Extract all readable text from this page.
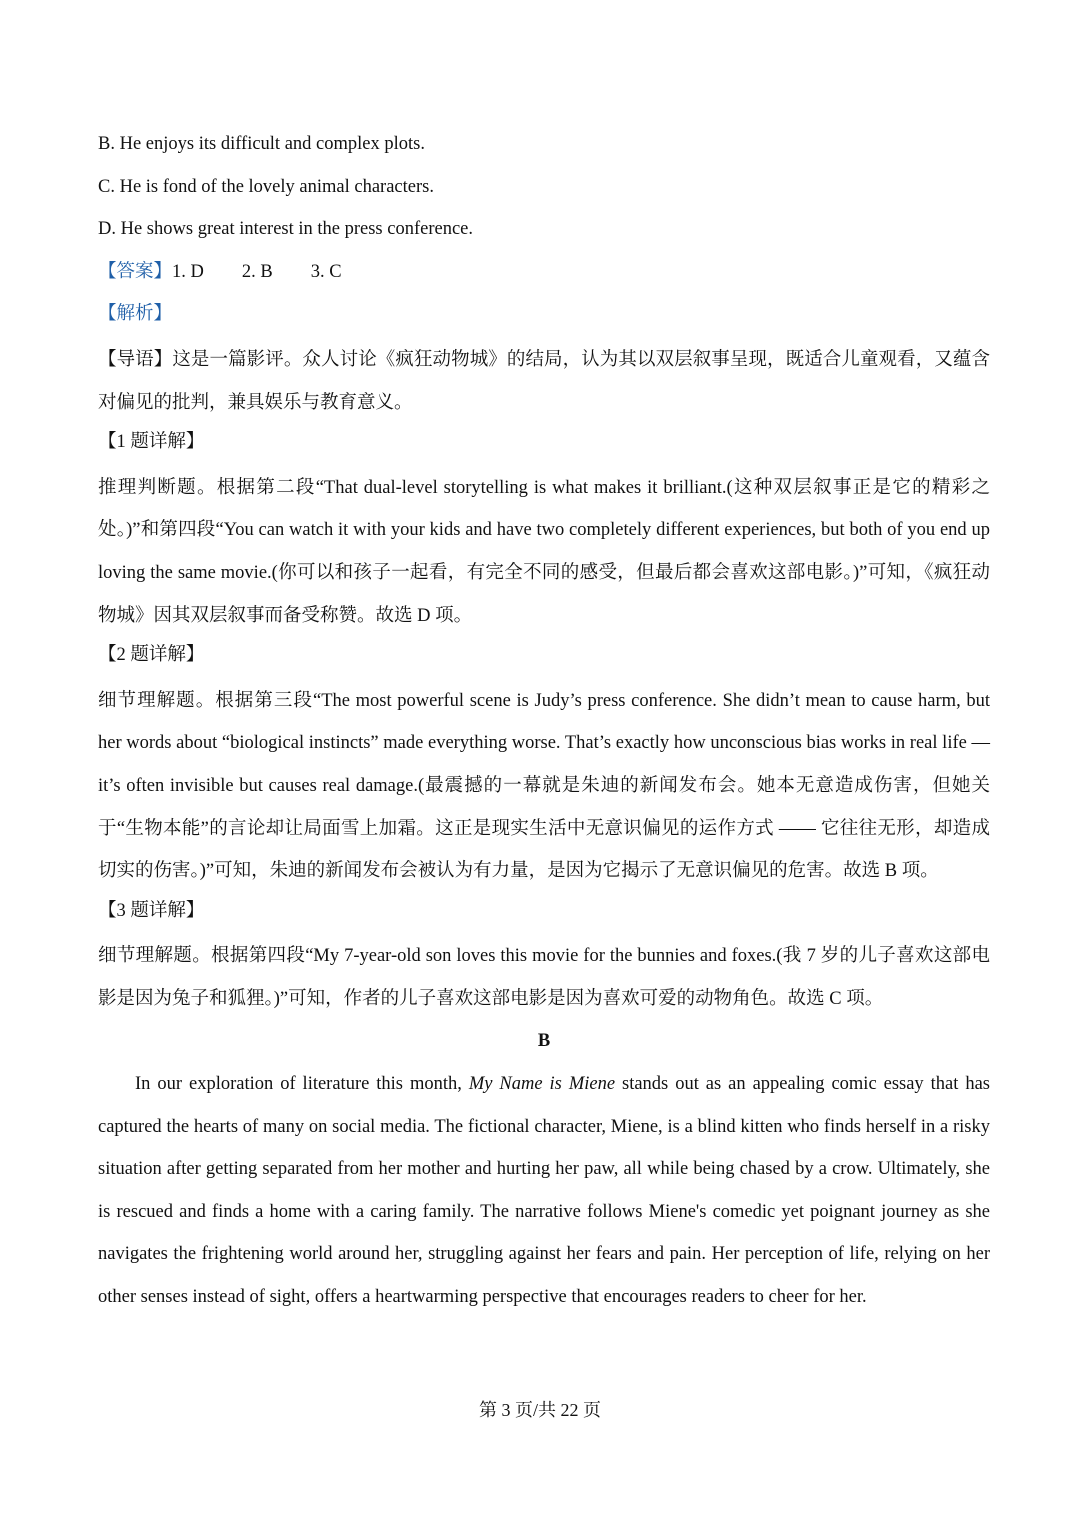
B. He enjoys its difficult and complex plots.
C. He is fond of the lovely animal characters.
D. He shows great interest in the press conference.
【答案】1. D 2. B 3. C
【解析】

【导语】这是一篇影评。众人讨论《疯狂动物城》的结局，认为其以双层叙事呈现，既适合儿童观看，又蕴含对偏见的批判，兼具娱乐与教育意义。

【1 题详解】

推理判断题。根据第二段“That dual-level storytelling is what makes it brilliant.(这种双层叙事正是它的精彩之处。)”和第四段“You can watch it with your kids and have two completely different experiences, but both of you end up loving the same movie.(你可以和孩子一起看，有完全不同的感受，但最后都会喜欢这部电影。)”可知，《疯狂动物城》因其双层叙事而备受称赞。故选 D 项。

【2 题详解】

细节理解题。根据第三段“The most powerful scene is Judy’s press conference. She didn’t mean to cause harm, but her words about “biological instincts” made everything worse. That’s exactly how unconscious bias works in real life — it’s often invisible but causes real damage.(最震撼的一幕就是朱迪的新闻发布会。她本无意造成伤害，但她关于“生物本能”的言论却让局面雪上加霜。这正是现实生活中无意识偏见的运作方式 —— 它往往无形，却造成切实的伤害。)”可知，朱迪的新闻发布会被认为有力量，是因为它揭示了无意识偏见的危害。故选 B 项。

【3 题详解】

细节理解题。根据第四段“My 7-year-old son loves this movie for the bunnies and foxes.(我 7 岁的儿子喜欢这部电影是因为兔子和狐狸。)”可知，作者的儿子喜欢这部电影是因为喜欢可爱的动物角色。故选 C 项。

B

In our exploration of literature this month, My Name is Miene stands out as an appealing comic essay that has captured the hearts of many on social media. The fictional character, Miene, is a blind kitten who finds herself in a risky situation after getting separated from her mother and hurting her paw, all while being chased by a crow. Ultimately, she is rescued and finds a home with a caring family. The narrative follows Miene's comedic yet poignant journey as she navigates the frightening world around her, struggling against her fears and pain. Her perception of life, relying on her other senses instead of sight, offers a heartwarming perspective that encourages readers to cheer for her.

第 3 页/共 22 页
